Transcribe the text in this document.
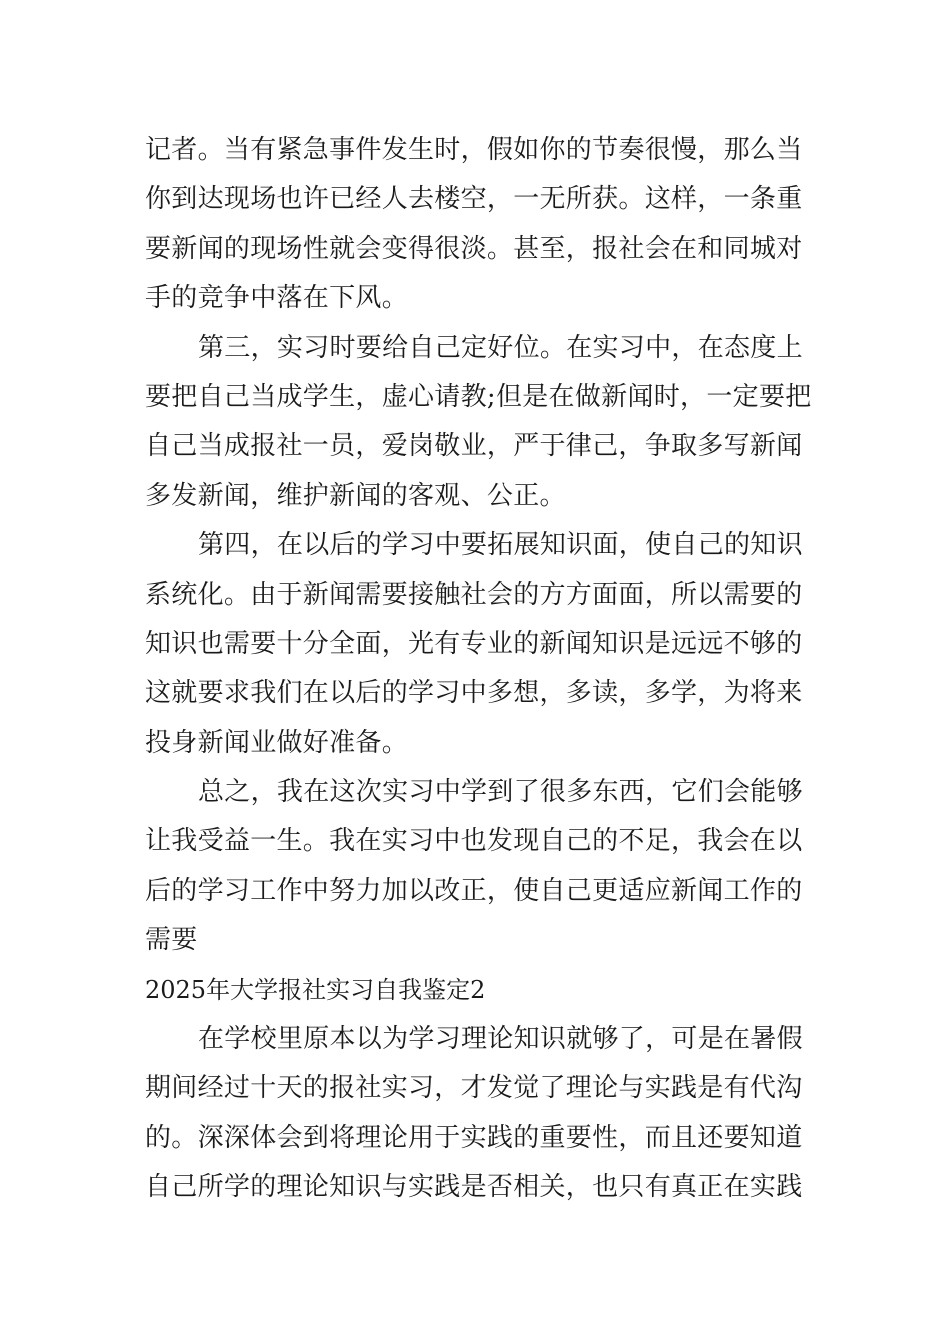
记者。当有紧急事件发生时，假如你的节奏很慢，那么当
你到达现场也许已经人去楼空，一无所获。这样，一条重
要新闻的现场性就会变得很淡。甚至，报社会在和同城对
手的竞争中落在下风。
第三，实习时要给自己定好位。在实习中，在态度上
要把自己当成学生，虚心请教;但是在做新闻时，一定要把
自己当成报社一员，爱岗敬业，严于律己，争取多写新闻
多发新闻，维护新闻的客观、公正。
第四，在以后的学习中要拓展知识面，使自己的知识
系统化。由于新闻需要接触社会的方方面面，所以需要的
知识也需要十分全面，光有专业的新闻知识是远远不够的
这就要求我们在以后的学习中多想，多读，多学，为将来
投身新闻业做好准备。
总之，我在这次实习中学到了很多东西，它们会能够
让我受益一生。我在实习中也发现自己的不足，我会在以
后的学习工作中努力加以改正，使自己更适应新闻工作的
需要
2025年大学报社实习自我鉴定2
在学校里原本以为学习理论知识就够了，可是在暑假
期间经过十天的报社实习，才发觉了理论与实践是有代沟
的。深深体会到将理论用于实践的重要性，而且还要知道
自己所学的理论知识与实践是否相关，也只有真正在实践
